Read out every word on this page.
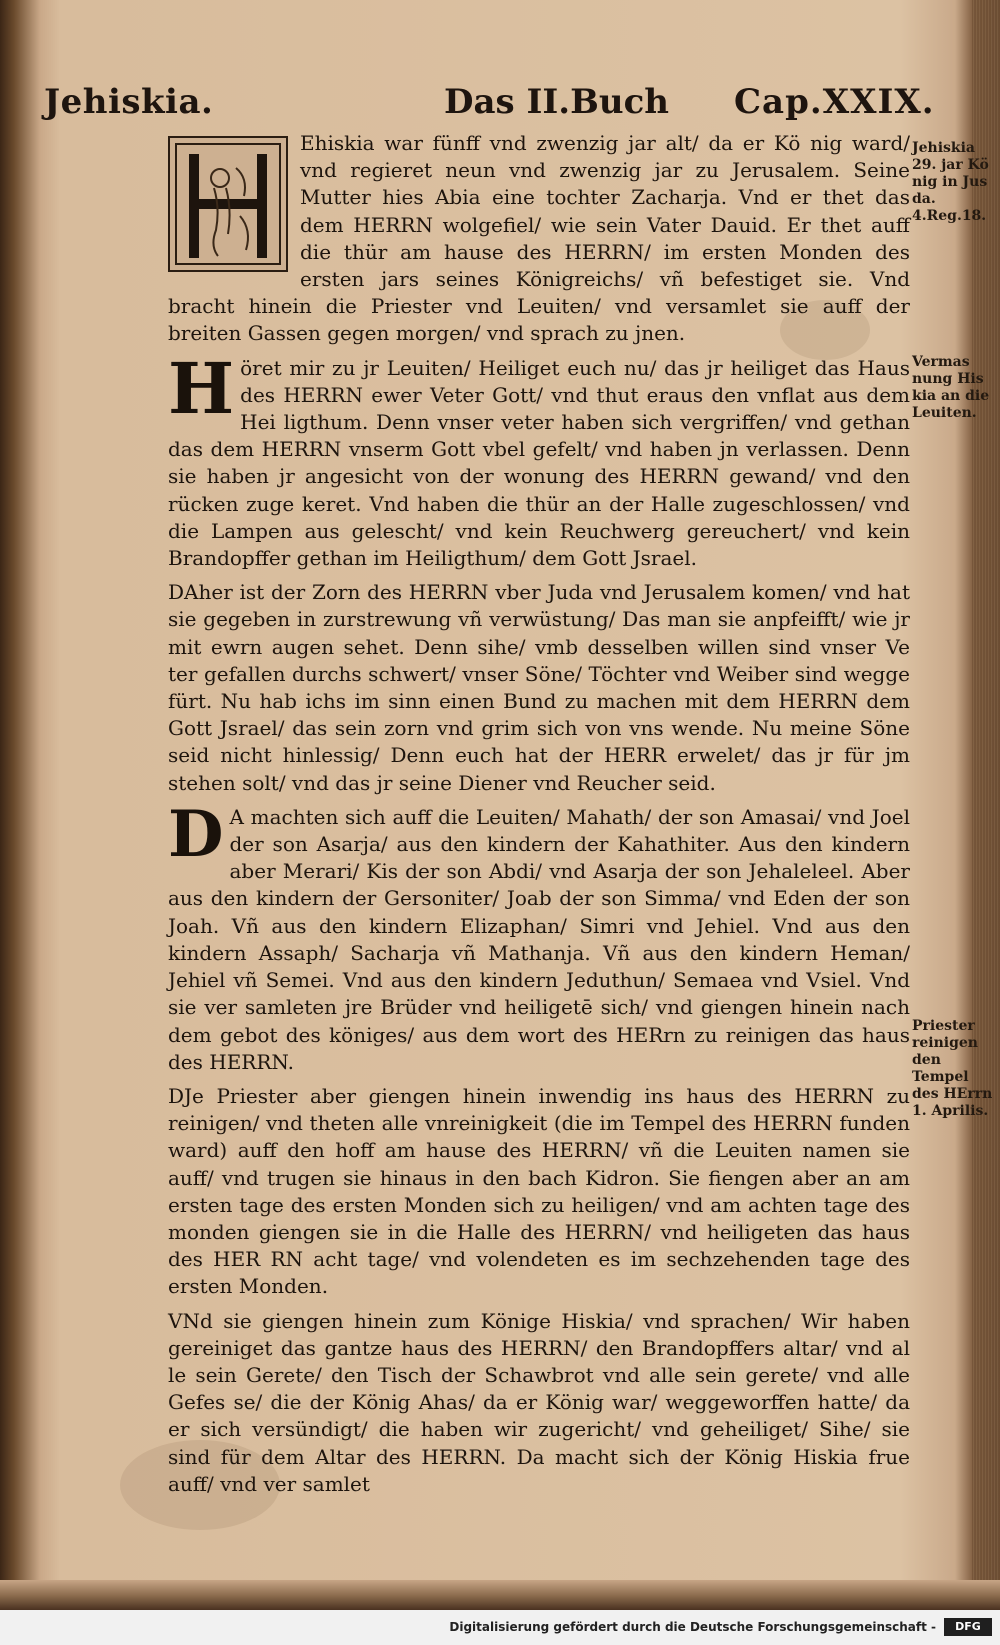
Jehiskia.	Das II.Buch Cap.XXIX.

Ehiskia war fünff vnd zwenzig jar alt/ da er Kö nig ward/ vnd regieret neun vnd zwenzig jar zu Jerusalem. Seine Mutter hies Abia eine tochter Zacharja. Vnd er thet das dem HERRN wolgefiel/ wie sein Vater Dauid. Er thet auff die thür am hause des HERRN/ im ersten Monden des ersten jars seines Königreichs/ vñ befestiget sie. Vnd bracht hinein die Priester vnd Leuiten/ vnd versamlet sie auff der breiten Gassen gegen morgen/ vnd sprach zu jnen.

H öret mir zu jr Leuiten/ Heiliget euch nu/ das jr heiliget das Haus des HERRN ewer Veter Gott/ vnd thut eraus den vnflat aus dem Hei ligthum. Denn vnser veter haben sich vergriffen/ vnd gethan das dem HERRN vnserm Gott vbel gefelt/ vnd haben jn verlassen. Denn sie haben jr angesicht von der wonung des HERRN gewand/ vnd den rücken zuge keret. Vnd haben die thür an der Halle zugeschlossen/ vnd die Lampen aus gelescht/ vnd kein Reuchwerg gereuchert/ vnd kein Brandopffer gethan im Heiligthum/ dem Gott Jsrael.

DAher ist der Zorn des HERRN vber Juda vnd Jerusalem komen/ vnd hat sie gegeben in zurstrewung vñ verwüstung/ Das man sie anpfeifft/ wie jr mit ewrn augen sehet. Denn sihe/ vmb desselben willen sind vnser Ve ter gefallen durchs schwert/ vnser Söne/ Töchter vnd Weiber sind wegge fürt. Nu hab ichs im sinn einen Bund zu machen mit dem HERRN dem Gott Jsrael/ das sein zorn vnd grim sich von vns wende. Nu meine Söne seid nicht hinlessig/ Denn euch hat der HERR erwelet/ das jr für jm stehen solt/ vnd das jr seine Diener vnd Reucher seid.

D A machten sich auff die Leuiten/ Mahath/ der son Amasai/ vnd Joel der son Asarja/ aus den kindern der Kahathiter. Aus den kindern aber Merari/ Kis der son Abdi/ vnd Asarja der son Jehaleleel. Aber aus den kindern der Gersoniter/ Joab der son Simma/ vnd Eden der son Joah. Vñ aus den kindern Elizaphan/ Simri vnd Jehiel. Vnd aus den kindern Assaph/ Sacharja vñ Mathanja. Vñ aus den kindern Heman/ Jehiel vñ Semei. Vnd aus den kindern Jeduthun/ Semaea vnd Vsiel. Vnd sie ver samleten jre Brüder vnd heiligetē sich/ vnd giengen hinein nach dem gebot des königes/ aus dem wort des HERrn zu reinigen das haus des HERRN.

DJe Priester aber giengen hinein inwendig ins haus des HERRN zu reinigen/ vnd theten alle vnreinigkeit (die im Tempel des HERRN funden ward) auff den hoff am hause des HERRN/ vñ die Leuiten namen sie auff/ vnd trugen sie hinaus in den bach Kidron. Sie fiengen aber an am ersten tage des ersten Monden sich zu heiligen/ vnd am achten tage des monden giengen sie in die Halle des HERRN/ vnd heiligeten das haus des HER RN acht tage/ vnd volendeten es im sechzehenden tage des ersten Monden.

VNd sie giengen hinein zum Könige Hiskia/ vnd sprachen/ Wir haben gereiniget das gantze haus des HERRN/ den Brandopffers altar/ vnd al le sein Gerete/ den Tisch der Schawbrot vnd alle sein gerete/ vnd alle Gefes se/ die der König Ahas/ da er König war/ weggeworffen hatte/ da er sich versündigt/ die haben wir zugericht/ vnd geheiliget/ Sihe/ sie sind für dem Altar des HERRN. Da macht sich der König Hiskia frue auff/ vnd ver samlet

Jehiskia 29. jar Kö nig in Jus da. 4.Reg.18.
Vermas nung His kia an die Leuiten.
Priester reinigen den Tempel des HErrn 1. Aprilis.
Digitalisierung gefördert durch die Deutsche Forschungsgemeinschaft -	DFG
